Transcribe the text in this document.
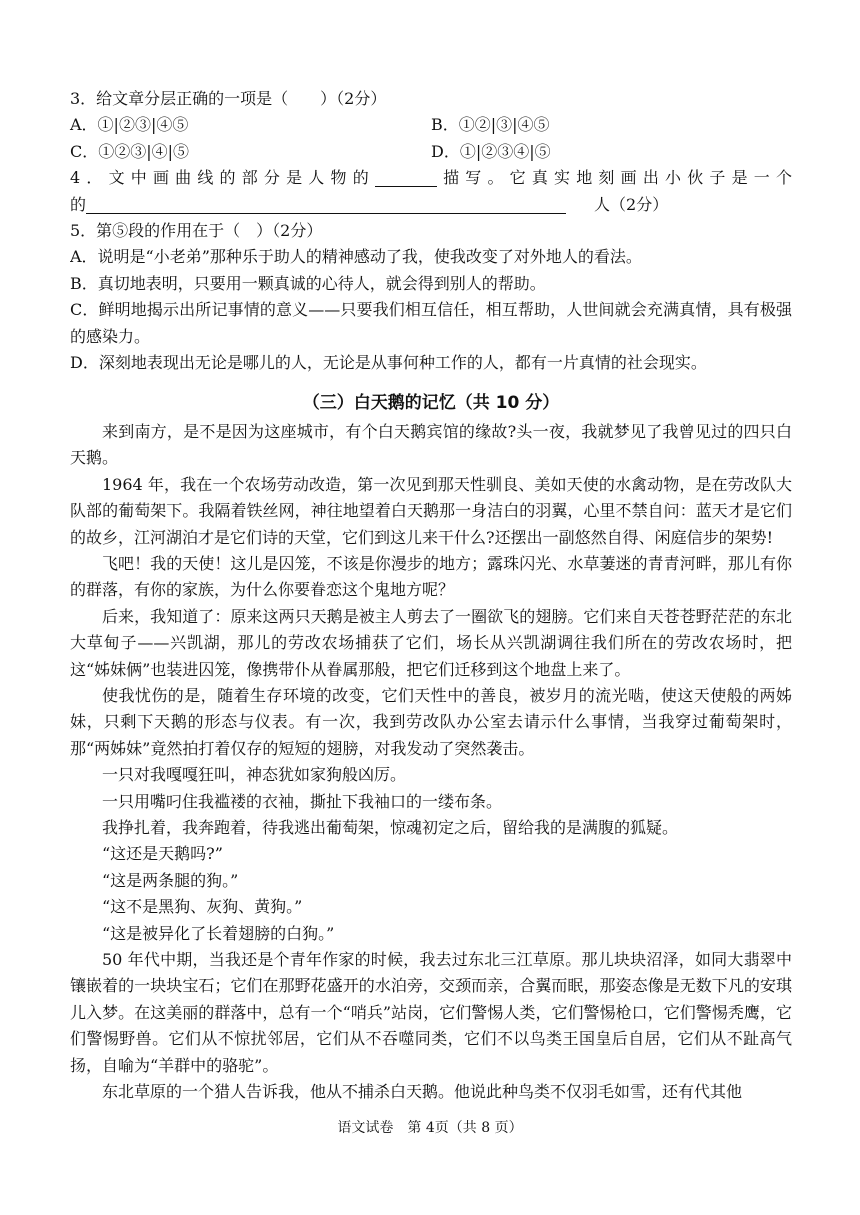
3．给文章分层正确的一项是（　　）（2分）
A．①|②③|④⑤	B．①②|③|④⑤
C．①②③|④|⑤	D．①|②③④|⑤
4．文中画曲线的部分是人物的	描写。它真实地刻画出小伙子是一个
的	人（2分）
5．第⑤段的作用在于（　）（2分）
A．说明是“小老弟”那种乐于助人的精神感动了我，使我改变了对外地人的看法。
B．真切地表明，只要用一颗真诚的心待人，就会得到别人的帮助。
C．鲜明地揭示出所记事情的意义——只要我们相互信任，相互帮助，人世间就会充满真情，具有极强的感染力。
D．深刻地表现出无论是哪儿的人，无论是从事何种工作的人，都有一片真情的社会现实。
（三）白天鹅的记忆（共 10 分）
来到南方，是不是因为这座城市，有个白天鹅宾馆的缘故?头一夜，我就梦见了我曾见过的四只白天鹅。
1964 年，我在一个农场劳动改造，第一次见到那天性驯良、美如天使的水禽动物，是在劳改队大队部的葡萄架下。我隔着铁丝网，神往地望着白天鹅那一身洁白的羽翼，心里不禁自问：蓝天才是它们的故乡，江河湖泊才是它们诗的天堂，它们到这儿来干什么?还摆出一副悠然自得、闲庭信步的架势!
飞吧！我的天使！这儿是囚笼，不该是你漫步的地方；露珠闪光、水草萋迷的青青河畔，那儿有你的群落，有你的家族，为什么你要眷恋这个鬼地方呢？
后来，我知道了：原来这两只天鹅是被主人剪去了一圈欲飞的翅膀。它们来自天苍苍野茫茫的东北大草甸子——兴凯湖，那儿的劳改农场捕获了它们，场长从兴凯湖调往我们所在的劳改农场时，把这“姊妹俩”也装进囚笼，像携带仆从眷属那般，把它们迁移到这个地盘上来了。
使我忧伤的是，随着生存环境的改变，它们天性中的善良，被岁月的流光啮，使这天使般的两姊妹，只剩下天鹅的形态与仪表。有一次，我到劳改队办公室去请示什么事情，当我穿过葡萄架时，那“两姊妹”竟然拍打着仅存的短短的翅膀，对我发动了突然袭击。
一只对我嘎嘎狂叫，神态犹如家狗般凶厉。
一只用嘴叼住我褴褛的衣袖，撕扯下我袖口的一缕布条。
我挣扎着，我奔跑着，待我逃出葡萄架，惊魂初定之后，留给我的是满腹的狐疑。
“这还是天鹅吗?”
“这是两条腿的狗。”
“这不是黑狗、灰狗、黄狗。”
“这是被异化了长着翅膀的白狗。”
50 年代中期，当我还是个青年作家的时候，我去过东北三江草原。那儿块块沼泽，如同大翡翠中镶嵌着的一块块宝石；它们在那野花盛开的水泊旁，交颈而亲，合翼而眠，那姿态像是无数下凡的安琪儿入梦。在这美丽的群落中，总有一个“哨兵”站岗，它们警惕人类，它们警惕枪口，它们警惕秃鹰，它们警惕野兽。它们从不惊扰邻居，它们从不吞噬同类，它们不以鸟类王国皇后自居，它们从不趾高气扬，自喻为“羊群中的骆驼”。
东北草原的一个猎人告诉我，他从不捕杀白天鹅。他说此种鸟类不仅羽毛如雪，还有代其他
语文试卷　第 4页（共 8 页）
